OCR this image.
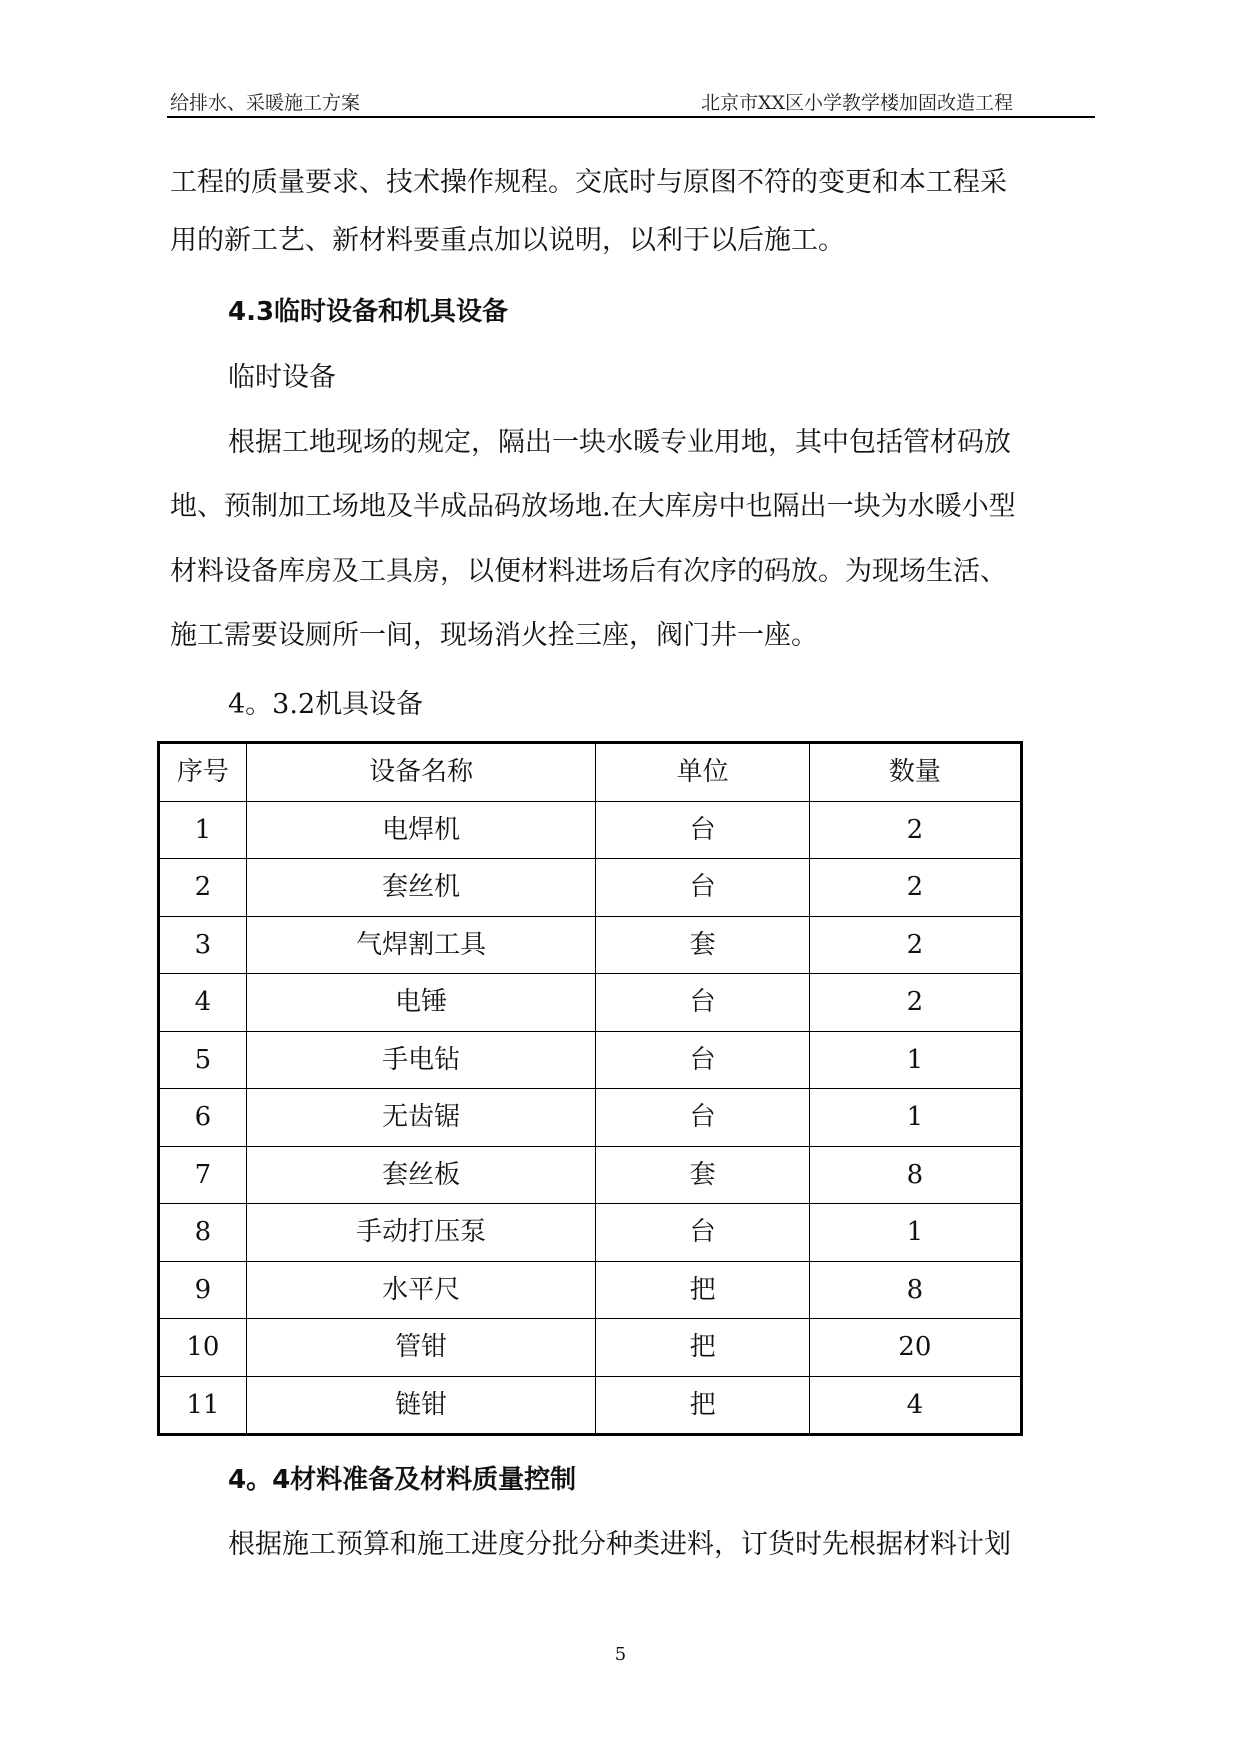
给排水、采暖施工方案	北京市XX区小学教学楼加固改造工程
工程的质量要求、技术操作规程。交底时与原图不符的变更和本工程采
用的新工艺、新材料要重点加以说明，以利于以后施工。
4.3临时设备和机具设备
临时设备
根据工地现场的规定，隔出一块水暖专业用地，其中包括管材码放
地、预制加工场地及半成品码放场地.在大库房中也隔出一块为水暖小型
材料设备库房及工具房，以便材料进场后有次序的码放。为现场生活、
施工需要设厕所一间，现场消火拴三座，阀门井一座。
4。3.2机具设备
序号	设备名称	单位	数量
1	电焊机	台	2
2	套丝机	台	2
3	气焊割工具	套	2
4	电锤	台	2
5	手电钻	台	1
6	无齿锯	台	1
7	套丝板	套	8
8	手动打压泵	台	1
9	水平尺	把	8
10	管钳	把	20
11	链钳	把	4
4。4材料准备及材料质量控制
根据施工预算和施工进度分批分种类进料，订货时先根据材料计划
5
